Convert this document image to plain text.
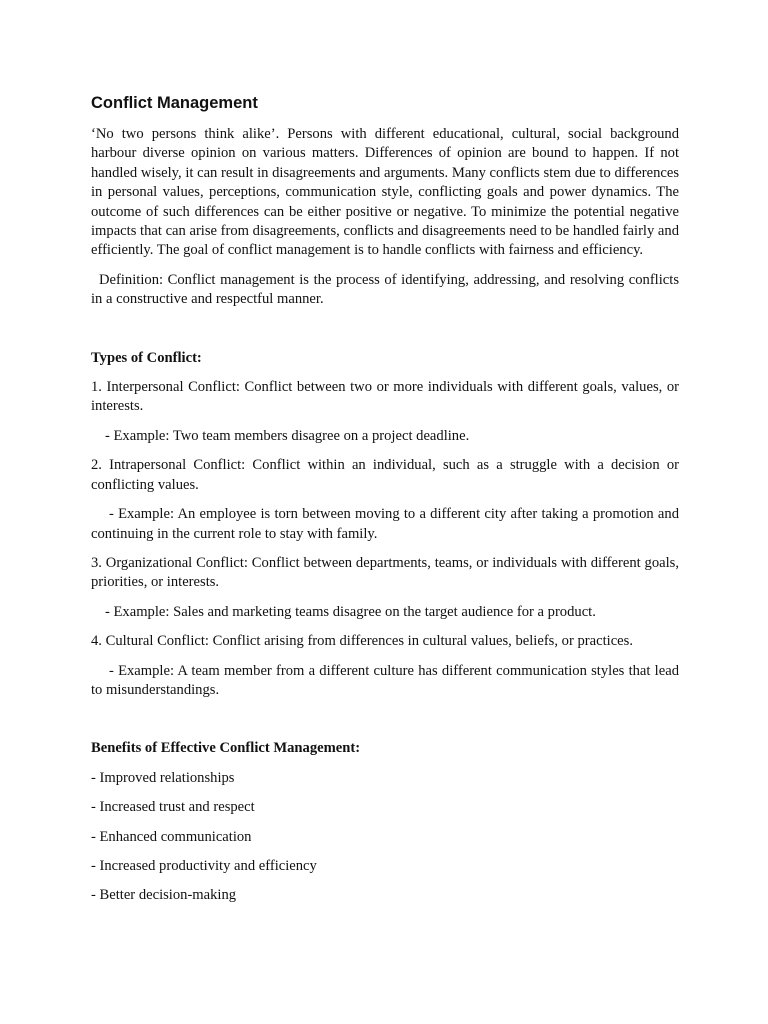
Conflict Management

‘No two persons think alike’. Persons with different educational, cultural, social background harbour diverse opinion on various matters. Differences of opinion are bound to happen. If not handled wisely, it can result in disagreements and arguments. Many conflicts stem due to differences in personal values, perceptions, communication style, conflicting goals and power dynamics. The outcome of such differences can be either positive or negative. To minimize the potential negative impacts that can arise from disagreements, conflicts and disagreements need to be handled fairly and efficiently. The goal of conflict management is to handle conflicts with fairness and efficiency.

Definition: Conflict management is the process of identifying, addressing, and resolving conflicts in a constructive and respectful manner.

Types of Conflict:

1. Interpersonal Conflict: Conflict between two or more individuals with different goals, values, or interests.

- Example: Two team members disagree on a project deadline.

2. Intrapersonal Conflict: Conflict within an individual, such as a struggle with a decision or conflicting values.

- Example: An employee is torn between moving to a different city after taking a promotion and continuing in the current role to stay with family.

3. Organizational Conflict: Conflict between departments, teams, or individuals with different goals, priorities, or interests.

- Example: Sales and marketing teams disagree on the target audience for a product.

4. Cultural Conflict: Conflict arising from differences in cultural values, beliefs, or practices.

- Example: A team member from a different culture has different communication styles that lead to misunderstandings.

Benefits of Effective Conflict Management:
- Improved relationships
- Increased trust and respect
- Enhanced communication
- Increased productivity and efficiency
- Better decision-making
